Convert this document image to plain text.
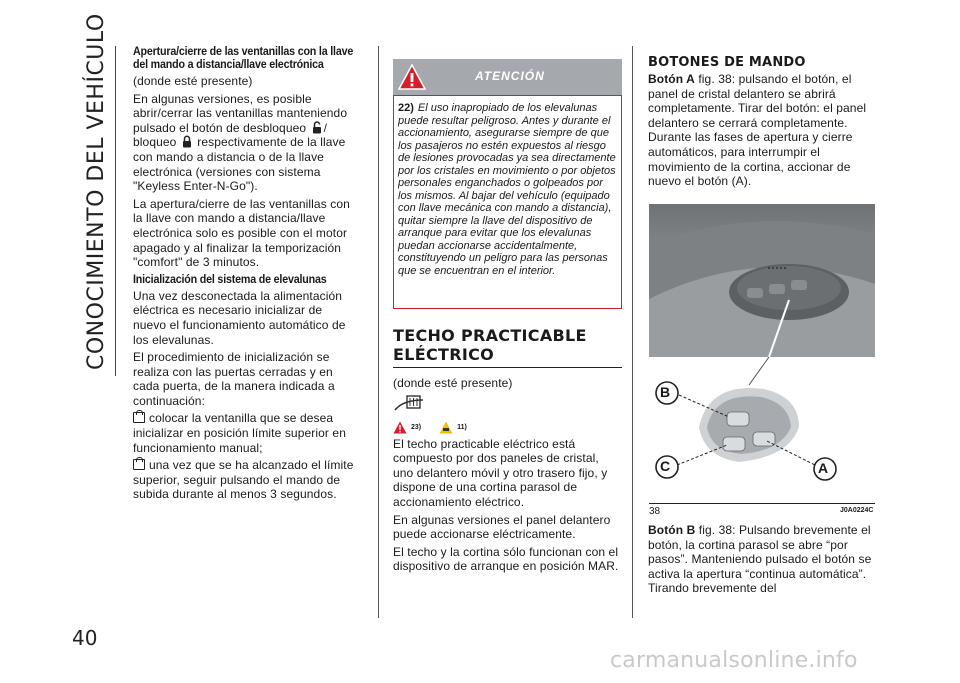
CONOCIMIENTO DEL VEHÍCULO
40
Apertura/cierre de las ventanillas con la llave del mando a distancia/llave electrónica

(donde esté presente)

En algunas versiones, es posible abrir/cerrar las ventanillas manteniendo pulsado el botón de desbloqueo / bloqueo respectivamente de la llave con mando a distancia o de la llave electrónica (versiones con sistema "Keyless Enter-N-Go").

La apertura/cierre de las ventanillas con la llave con mando a distancia/llave electrónica solo es posible con el motor apagado y al finalizar la temporización "comfort" de 3 minutos.

Inicialización del sistema de elevalunas

Una vez desconectada la alimentación eléctrica es necesario inicializar de nuevo el funcionamiento automático de los elevalunas.

El procedimiento de inicialización se realiza con las puertas cerradas y en cada puerta, de la manera indicada a continuación:

colocar la ventanilla que se desea inicializar en posición límite superior en funcionamiento manual;

una vez que se ha alcanzado el límite superior, seguir pulsando el mando de subida durante al menos 3 segundos.

ATENCIÓN
22) El uso inapropiado de los elevalunas puede resultar peligroso. Antes y durante el accionamiento, asegurarse siempre de que los pasajeros no estén expuestos al riesgo de lesiones provocadas ya sea directamente por los cristales en movimiento o por objetos personales enganchados o golpeados por los mismos. Al bajar del vehículo (equipado con llave mecánica con mando a distancia), quitar siempre la llave del dispositivo de arranque para evitar que los elevalunas puedan accionarse accidentalmente, constituyendo un peligro para las personas que se encuentran en el interior.
TECHO PRACTICABLE ELÉCTRICO

(donde esté presente)

23)	11)

El techo practicable eléctrico está compuesto por dos paneles de cristal, uno delantero móvil y otro trasero fijo, y dispone de una cortina parasol de accionamiento eléctrico.

En algunas versiones el panel delantero puede accionarse eléctricamente.

El techo y la cortina sólo funcionan con el dispositivo de arranque en posición MAR.

BOTONES DE MANDO

Botón A fig. 38: pulsando el botón, el panel de cristal delantero se abrirá completamente. Tirar del botón: el panel delantero se cerrará completamente. Durante las fases de apertura y cierre automáticos, para interrumpir el movimiento de la cortina, accionar de nuevo el botón (A).

B
C	A
38	J0A0224C

Botón B fig. 38: Pulsando brevemente el botón, la cortina parasol se abre “por pasos”. Manteniendo pulsado el botón se activa la apertura “continua automática”. Tirando brevemente del

carmanualsonline.info
